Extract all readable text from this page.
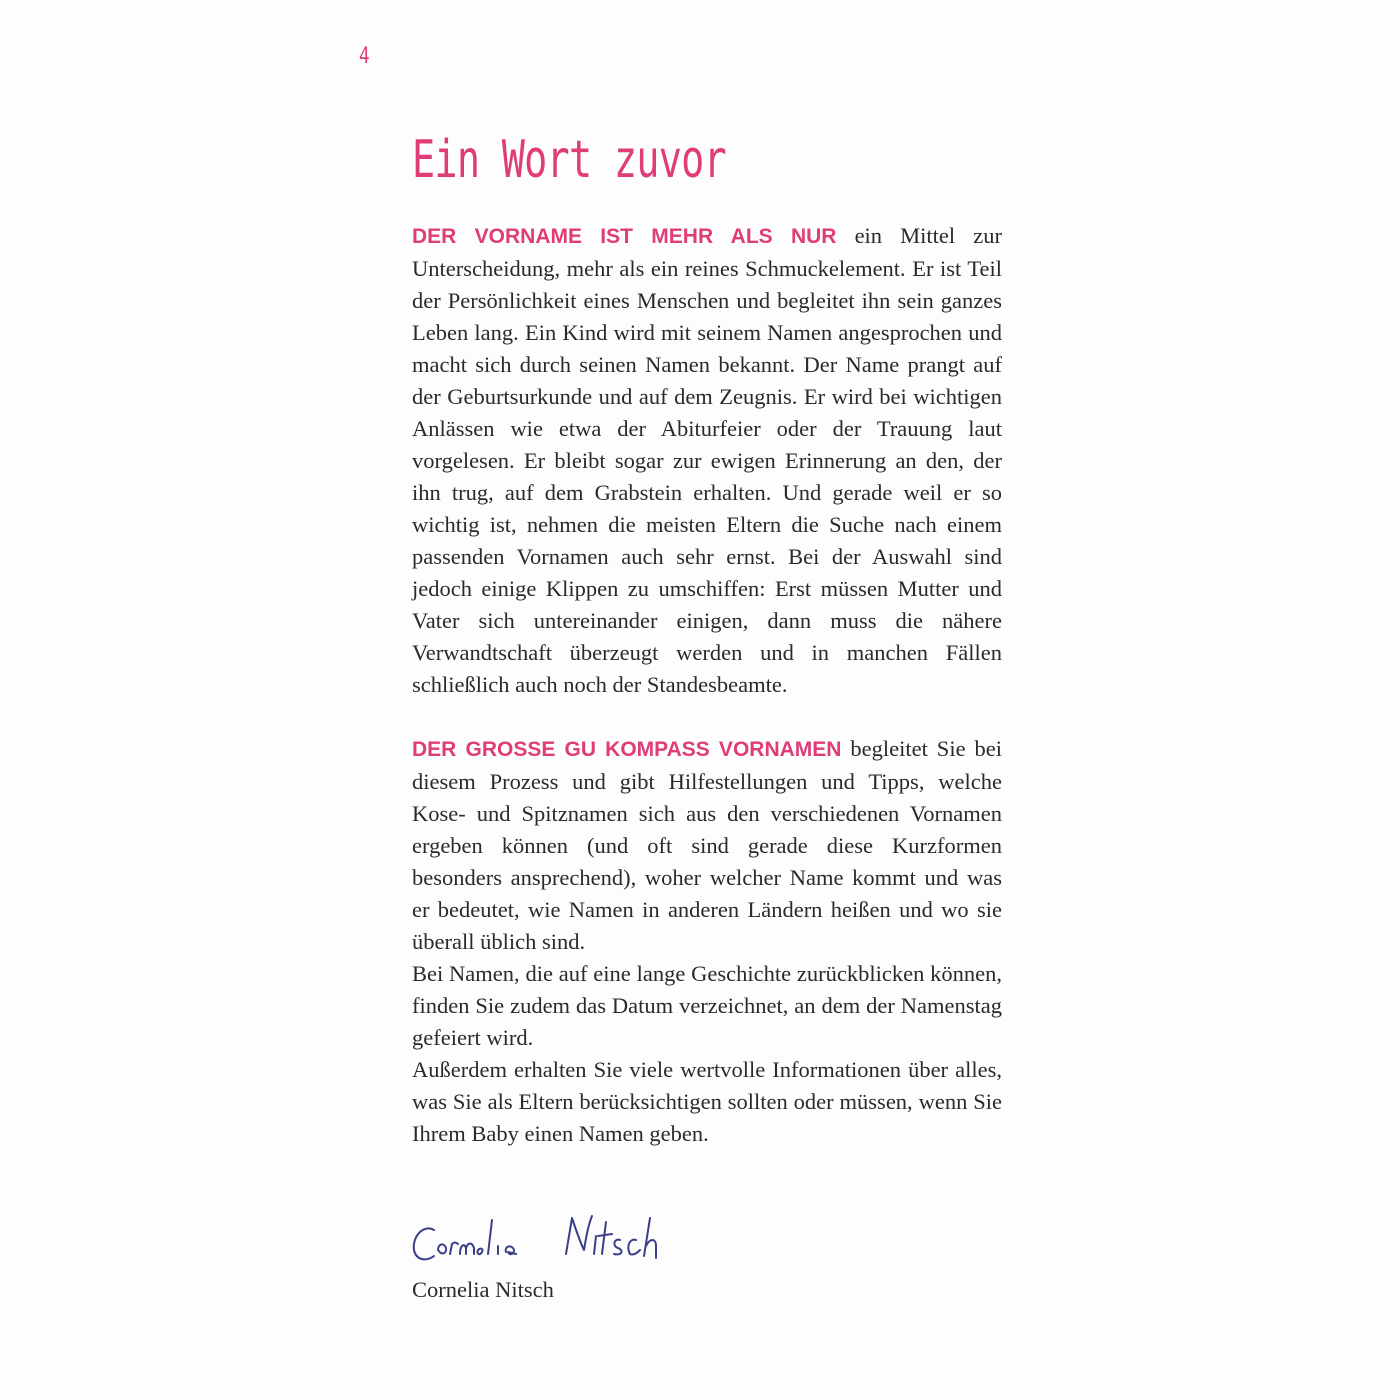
4
Ein Wort zuvor

DER VORNAME IST MEHR ALS NUR ein Mittel zur Unterscheidung, mehr als ein reines Schmuckelement. Er ist Teil der Persönlichkeit eines Menschen und begleitet ihn sein ganzes Leben lang. Ein Kind wird mit seinem Namen angesprochen und macht sich durch seinen Namen bekannt. Der Name prangt auf der Geburtsurkunde und auf dem Zeugnis. Er wird bei wichtigen Anlässen wie etwa der Abiturfeier oder der Trauung laut vorgelesen. Er bleibt sogar zur ewigen Erinnerung an den, der ihn trug, auf dem Grabstein erhalten. Und gerade weil er so wichtig ist, nehmen die meisten Eltern die Suche nach einem passenden Vornamen auch sehr ernst. Bei der Auswahl sind jedoch einige Klippen zu umschiffen: Erst müssen Mutter und Vater sich untereinander einigen, dann muss die nähere Verwandtschaft überzeugt werden und in manchen Fällen schließlich auch noch der Standesbeamte.

DER GROSSE GU KOMPASS VORNAMEN begleitet Sie bei diesem Prozess und gibt Hilfestellungen und Tipps, welche Kose- und Spitznamen sich aus den verschiedenen Vornamen ergeben können (und oft sind gerade diese Kurzformen besonders ansprechend), woher welcher Name kommt und was er bedeutet, wie Namen in anderen Ländern heißen und wo sie überall üblich sind.

Bei Namen, die auf eine lange Geschichte zurückblicken können, finden Sie zudem das Datum verzeichnet, an dem der Namenstag gefeiert wird.

Außerdem erhalten Sie viele wertvolle Informationen über alles, was Sie als Eltern berücksichtigen sollten oder müssen, wenn Sie Ihrem Baby einen Namen geben.

Cornelia Nitsch
